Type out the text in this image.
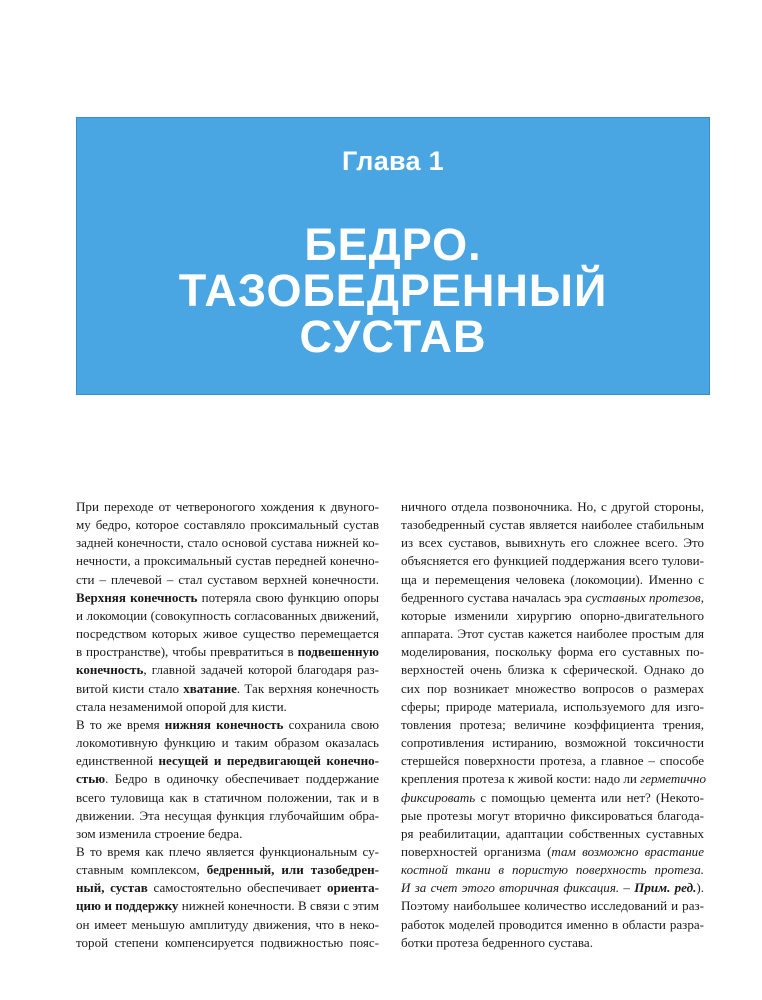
Глава 1
БЕДРО.
ТАЗОБЕДРЕННЫЙ
СУСТАВ
При переходе от четвероногого хождения к двуного-
му бедро, которое составляло проксимальный сустав
задней конечности, стало основой сустава нижней ко-
нечности, а проксимальный сустав передней конечно-
сти – плечевой – стал суставом верхней конечности.
Верхняя конечность потеряла свою функцию опоры
и локомоции (совокупность согласованных движений,
посредством которых живое существо перемещается
в пространстве), чтобы превратиться в подвешенную
конечность, главной задачей которой благодаря раз-
витой кисти стало хватание. Так верхняя конечность
стала незаменимой опорой для кисти.
В то же время нижняя конечность сохранила свою
локомотивную функцию и таким образом оказалась
единственной несущей и передвигающей конечно-
стью. Бедро в одиночку обеспечивает поддержание
всего туловища как в статичном положении, так и в
движении. Эта несущая функция глубочайшим обра-
зом изменила строение бедра.
В то время как плечо является функциональным су-
ставным комплексом, бедренный, или тазобедрен-
ный, сустав самостоятельно обеспечивает ориента-
цию и поддержку нижней конечности. В связи с этим
он имеет меньшую амплитуду движения, что в неко-
торой степени компенсируется подвижностью пояс-
ничного отдела позвоночника. Но, с другой стороны,
тазобедренный сустав является наиболее стабильным
из всех суставов, вывихнуть его сложнее всего. Это
объясняется его функцией поддержания всего тулови-
ща и перемещения человека (локомоции). Именно с
бедренного сустава началась эра суставных протезов,
которые изменили хирургию опорно-двигательного
аппарата. Этот сустав кажется наиболее простым для
моделирования, поскольку форма его суставных по-
верхностей очень близка к сферической. Однако до
сих пор возникает множество вопросов о размерах
сферы; природе материала, используемого для изго-
товления протеза; величине коэффициента трения,
сопротивления истиранию, возможной токсичности
стершейся поверхности протеза, а главное – способе
крепления протеза к живой кости: надо ли герметично
фиксировать с помощью цемента или нет? (Некото-
рые протезы могут вторично фиксироваться благода-
ря реабилитации, адаптации собственных суставных
поверхностей организма (там возможно врастание
костной ткани в пористую поверхность протеза.
И за счет этого вторичная фиксация. – Прим. ред.).
Поэтому наибольшее количество исследований и раз-
работок моделей проводится именно в области разра-
ботки протеза бедренного сустава.
